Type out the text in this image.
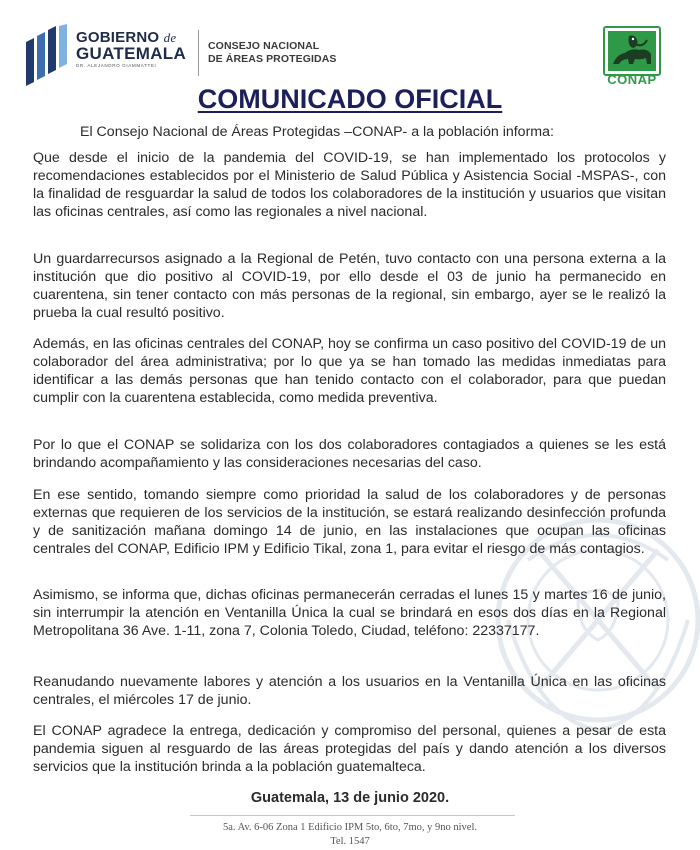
GOBIERNO de
GUATEMALA
DR. ALEJANDRO GIAMMATTEI
CONSEJO NACIONAL
DE ÁREAS PROTEGIDAS
CONAP
COMUNICADO OFICIAL
El Consejo Nacional de Áreas Protegidas –CONAP- a la población informa:
Que desde el inicio de la pandemia del COVID-19, se han implementado los protocolos y recomendaciones establecidos por el Ministerio de Salud Pública y Asistencia Social -MSPAS-, con la finalidad de resguardar la salud de todos los colaboradores de la institución y usuarios que visitan las oficinas centrales, así como las regionales a nivel nacional.
Un guardarrecursos asignado a la Regional de Petén, tuvo contacto con una persona externa a la institución que dio positivo al COVID-19, por ello desde el 03 de junio ha permanecido en cuarentena, sin tener contacto con más personas de la regional, sin embargo, ayer se le realizó la prueba la cual resultó positivo.
Además, en las oficinas centrales del CONAP, hoy se confirma un caso positivo del COVID-19 de un colaborador del área administrativa; por lo que ya se han tomado las medidas inmediatas para identificar a las demás personas que han tenido contacto con el colaborador, para que puedan cumplir con la cuarentena establecida, como medida preventiva.
Por lo que el CONAP se solidariza con los dos colaboradores contagiados a quienes se les está brindando acompañamiento y las consideraciones necesarias del caso.
En ese sentido, tomando siempre como prioridad la salud de los colaboradores y de personas externas que requieren de los servicios de la institución, se estará realizando desinfección profunda y de sanitización mañana domingo 14 de junio, en las instalaciones que ocupan las oficinas centrales del CONAP, Edificio IPM y Edificio Tikal, zona 1, para evitar el riesgo de más contagios.
Asimismo, se informa que, dichas oficinas permanecerán cerradas el lunes 15 y martes 16 de junio, sin interrumpir la atención en Ventanilla Única la cual se brindará en esos dos días en la Regional Metropolitana 36 Ave. 1-11, zona 7, Colonia Toledo, Ciudad, teléfono: 22337177.
Reanudando nuevamente labores y atención a los usuarios en la Ventanilla Única en las oficinas centrales, el miércoles 17 de junio.
El CONAP agradece la entrega, dedicación y compromiso del personal, quienes a pesar de esta pandemia siguen al resguardo de las áreas protegidas del país y dando atención a los diversos servicios que la institución brinda a la población guatemalteca.
Guatemala, 13 de junio 2020.
5a. Av. 6-06 Zona 1 Edificio IPM 5to, 6to, 7mo, y 9no nivel.
Tel. 1547
